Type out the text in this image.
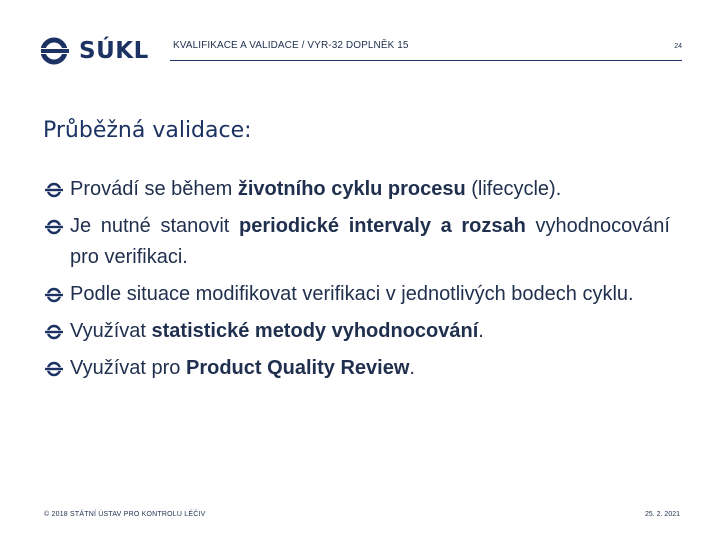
SÚKL KVALIFIKACE A VALIDACE / VYR-32 DOPLNĚK 15	24
Průběžná validace:
Provádí se během životního cyklu procesu (lifecycle).
Je nutné stanovit periodické intervaly a rozsah vyhodnocování pro verifikaci.
Podle situace modifikovat verifikaci v jednotlivých bodech cyklu.
Využívat statistické metody vyhodnocování.
Využívat pro Product Quality Review.
© 2018 STÁTNÍ ÚSTAV PRO KONTROLU LÉČIV	25. 2. 2021
